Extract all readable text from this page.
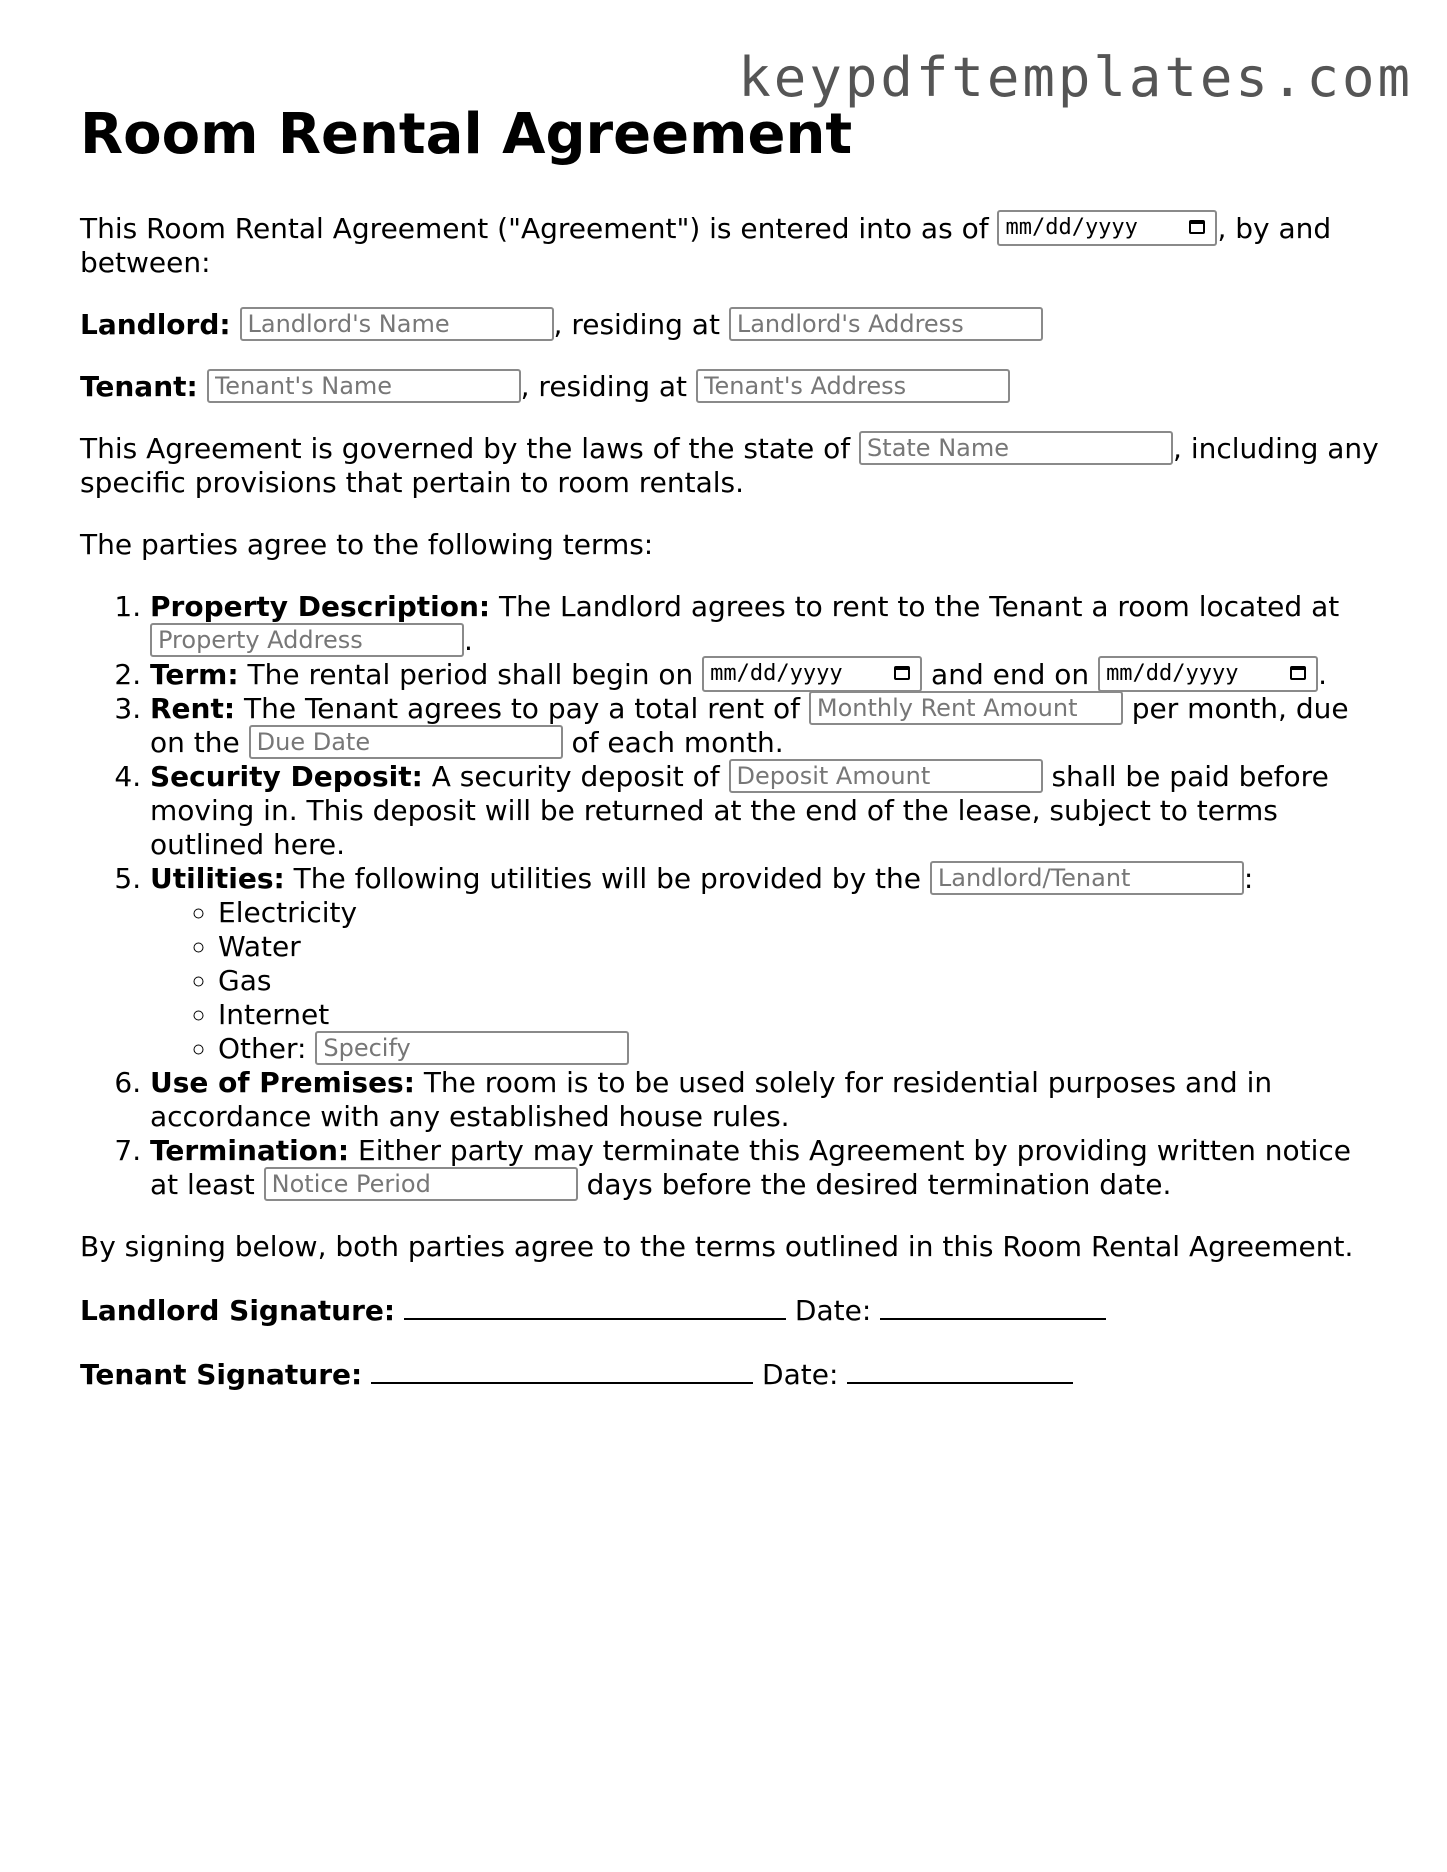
keypdftemplates.com
Room Rental Agreement

This Room Rental Agreement ("Agreement") is entered into as of mm/dd/yyyy	, by and between:

Landlord: Landlord's Name	, residing at Landlord's Address

Tenant: Tenant's Name	, residing at Tenant's Address

This Agreement is governed by the laws of the state of State Name	, including any specific provisions that pertain to room rentals.

The parties agree to the following terms:

1. Property Description: The Landlord agrees to rent to the Tenant a room located at Property Address.
2. Term: The rental period shall begin on mm/dd/yyyy	and end on mm/dd/yyyy	.
3. Rent: The Tenant agrees to pay a total rent of Monthly Rent Amount	per month, due on the Due Date	of each month.
4. Security Deposit: A security deposit of Deposit Amount	shall be paid before moving in. This deposit will be returned at the end of the lease, subject to terms outlined here.
5. Utilities: The following utilities will be provided by the Landlord/Tenant	:
◦ Electricity
◦ Water
◦ Gas
◦ Internet
◦ Other: Specify
6. Use of Premises: The room is to be used solely for residential purposes and in accordance with any established house rules.
7. Termination: Either party may terminate this Agreement by providing written notice at least Notice Period	days before the desired termination date.

By signing below, both parties agree to the terms outlined in this Room Rental Agreement.

Landlord Signature:	Date:

Tenant Signature:	Date:
